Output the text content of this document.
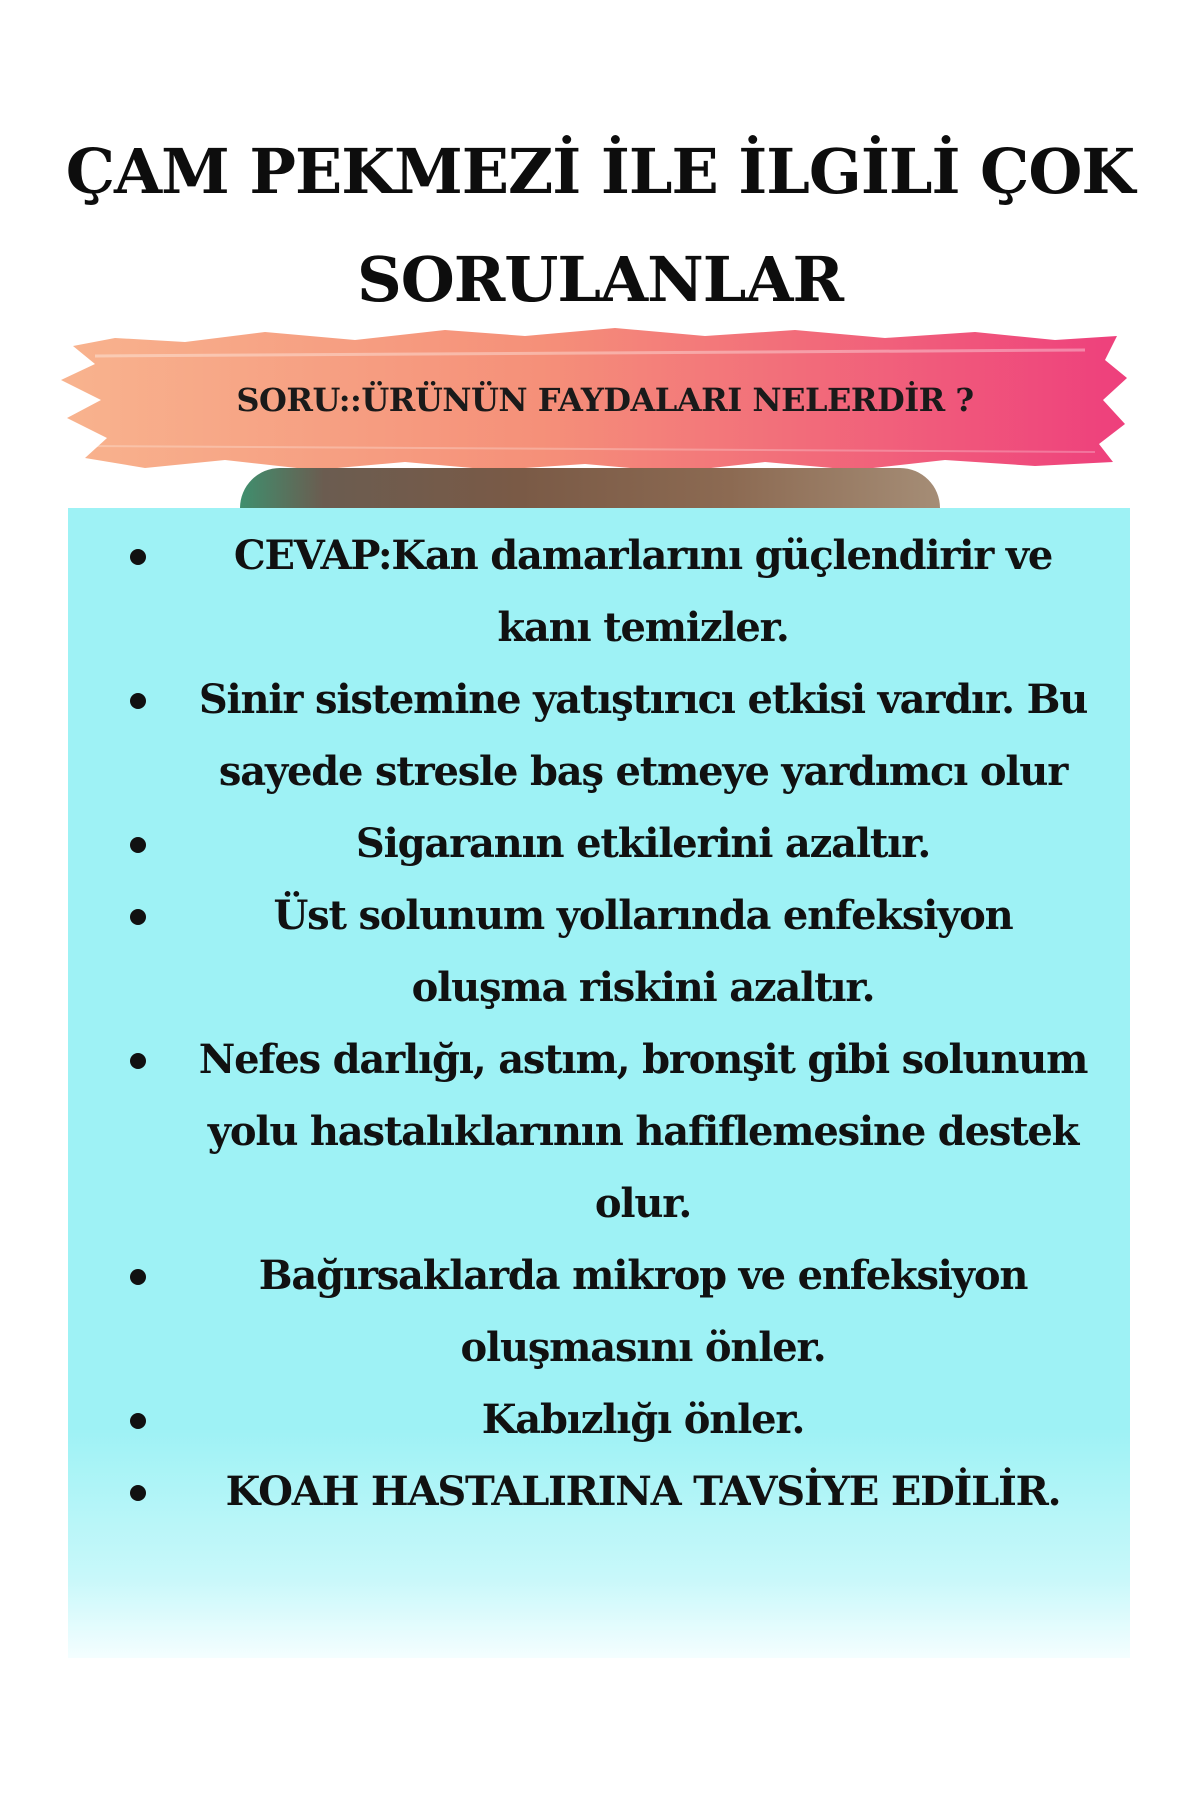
ÇAM PEKMEZİ İLE İLGİLİ ÇOK
SORULANLAR
SORU::ÜRÜNÜN FAYDALARI NELERDİR ?
CEVAP:Kan damarlarını güçlendirir ve kanı temizler.
Sinir sistemine yatıştırıcı etkisi vardır. Bu sayede stresle baş etmeye yardımcı olur
Sigaranın etkilerini azaltır.
Üst solunum yollarında enfeksiyon oluşma riskini azaltır.
Nefes darlığı, astım, bronşit gibi solunum yolu hastalıklarının hafiflemesine destek olur.
Bağırsaklarda mikrop ve enfeksiyon oluşmasını önler.
Kabızlığı önler.
KOAH HASTALIRINA TAVSİYE EDİLİR.
